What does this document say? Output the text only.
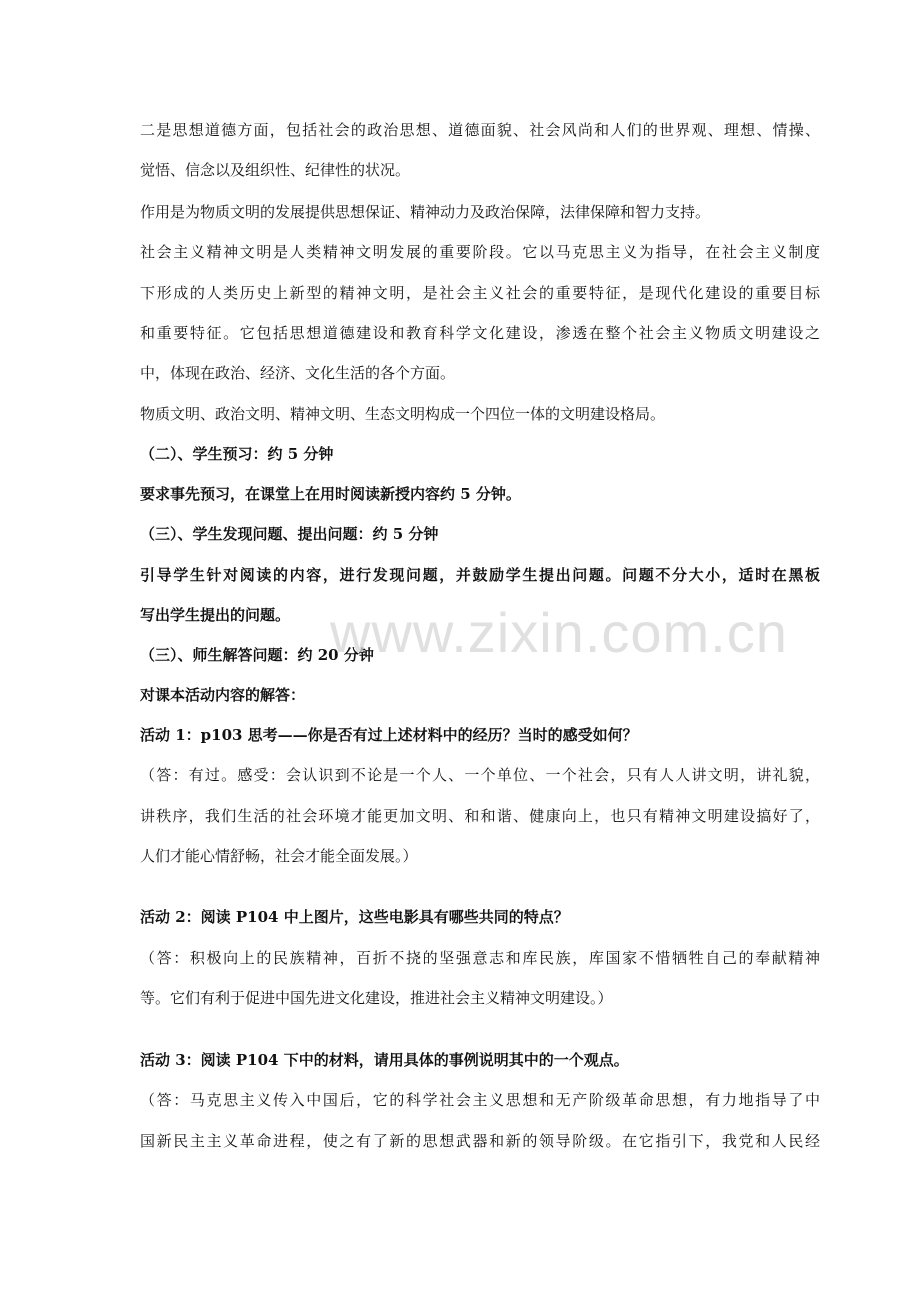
二是思想道德方面，包括社会的政治思想、道德面貌、社会风尚和人们的世界观、理想、情操、
觉悟、信念以及组织性、纪律性的状况。
作用是为物质文明的发展提供思想保证、精神动力及政治保障，法律保障和智力支持。
社会主义精神文明是人类精神文明发展的重要阶段。它以马克思主义为指导，在社会主义制度
下形成的人类历史上新型的精神文明，是社会主义社会的重要特征，是现代化建设的重要目标
和重要特征。它包括思想道德建设和教育科学文化建设，渗透在整个社会主义物质文明建设之
中，体现在政治、经济、文化生活的各个方面。
物质文明、政治文明、精神文明、生态文明构成一个四位一体的文明建设格局。
（二）、学生预习：约 5 分钟
要求事先预习，在课堂上在用时阅读新授内容约 5 分钟。
（三）、学生发现问题、提出问题：约 5 分钟
引导学生针对阅读的内容，进行发现问题，并鼓励学生提出问题。问题不分大小，适时在黑板
写出学生提出的问题。
（三）、师生解答问题：约 20 分钟
对课本活动内容的解答：
活动 1：p103 思考——你是否有过上述材料中的经历？当时的感受如何？
（答：有过。感受：会认识到不论是一个人、一个单位、一个社会，只有人人讲文明，讲礼貌，
讲秩序，我们生活的社会环境才能更加文明、和和谐、健康向上，也只有精神文明建设搞好了，
人们才能心情舒畅，社会才能全面发展。）
活动 2：阅读 P104 中上图片，这些电影具有哪些共同的特点？
（答：积极向上的民族精神，百折不挠的坚强意志和库民族，库国家不惜牺牲自己的奉献精神
等。它们有利于促进中国先进文化建设，推进社会主义精神文明建设。）
活动 3：阅读 P104 下中的材料，请用具体的事例说明其中的一个观点。
（答：马克思主义传入中国后，它的科学社会主义思想和无产阶级革命思想，有力地指导了中
国新民主主义革命进程，使之有了新的思想武器和新的领导阶级。在它指引下，我党和人民经
www.zixin.com.cn
